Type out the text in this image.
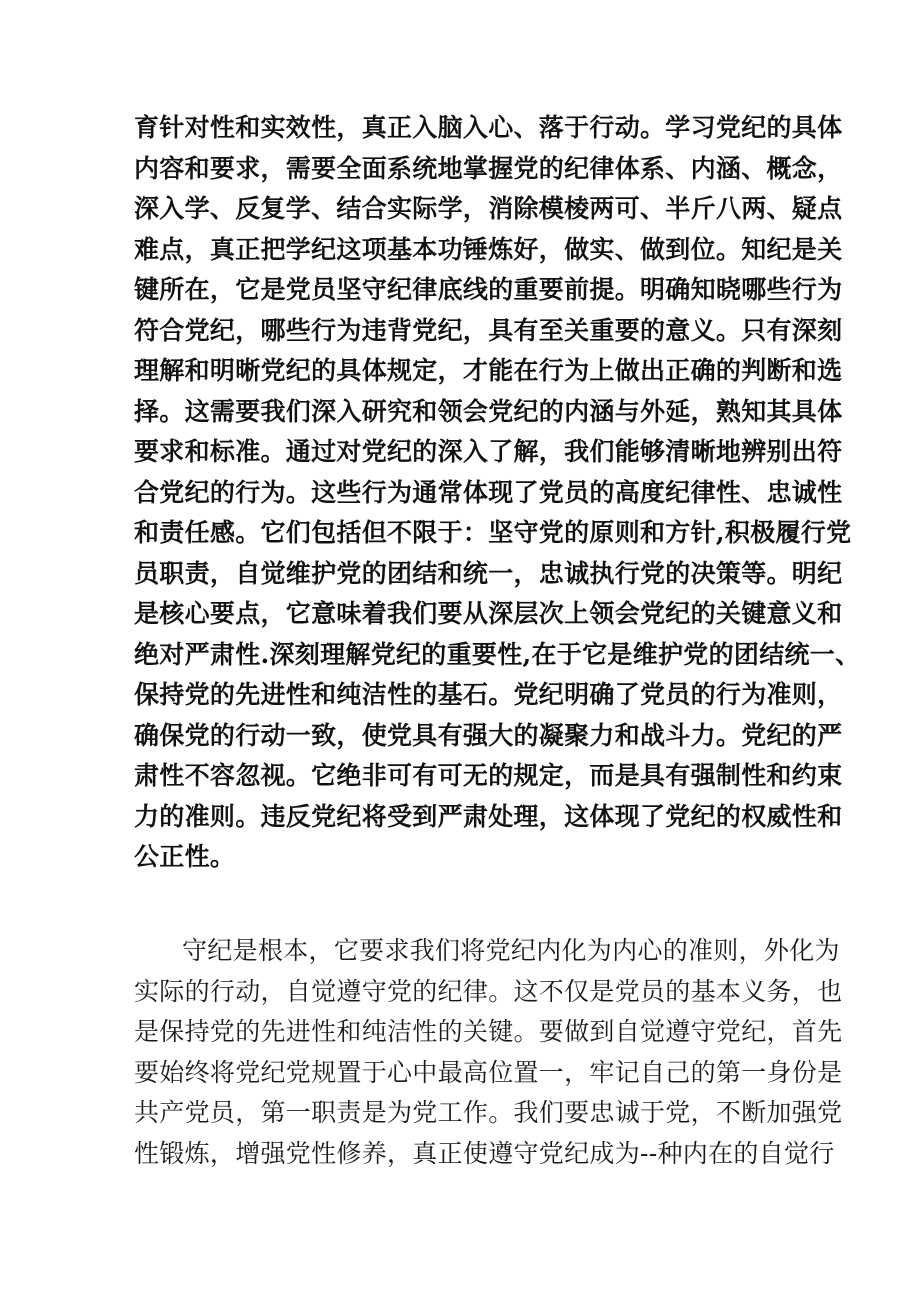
育针对性和实效性，真正入脑入心、落于行动。学习党纪的具体
内容和要求，需要全面系统地掌握党的纪律体系、内涵、概念，
深入学、反复学、结合实际学，消除模棱两可、半斤八两、疑点
难点，真正把学纪这项基本功锤炼好，做实、做到位。知纪是关
键所在，它是党员坚守纪律底线的重要前提。明确知晓哪些行为
符合党纪，哪些行为违背党纪，具有至关重要的意义。只有深刻
理解和明晰党纪的具体规定，才能在行为上做出正确的判断和选
择。这需要我们深入研究和领会党纪的内涵与外延，熟知其具体
要求和标准。通过对党纪的深入了解，我们能够清晰地辨别出符
合党纪的行为。这些行为通常体现了党员的高度纪律性、忠诚性
和责任感。它们包括但不限于：坚守党的原则和方针,积极履行党
员职责，自觉维护党的团结和统一，忠诚执行党的决策等。明纪
是核心要点，它意味着我们要从深层次上领会党纪的关键意义和
绝对严肃性.深刻理解党纪的重要性,在于它是维护党的团结统一、
保持党的先进性和纯洁性的基石。党纪明确了党员的行为准则，
确保党的行动一致，使党具有强大的凝聚力和战斗力。党纪的严
肃性不容忽视。它绝非可有可无的规定，而是具有强制性和约束
力的准则。违反党纪将受到严肃处理，这体现了党纪的权威性和
公正性。

守纪是根本，它要求我们将党纪内化为内心的准则，外化为
实际的行动，自觉遵守党的纪律。这不仅是党员的基本义务，也
是保持党的先进性和纯洁性的关键。要做到自觉遵守党纪，首先
要始终将党纪党规置于心中最高位置一，牢记自己的第一身份是
共产党员，第一职责是为党工作。我们要忠诚于党，不断加强党
性锻炼，增强党性修养，真正使遵守党纪成为--种内在的自觉行
